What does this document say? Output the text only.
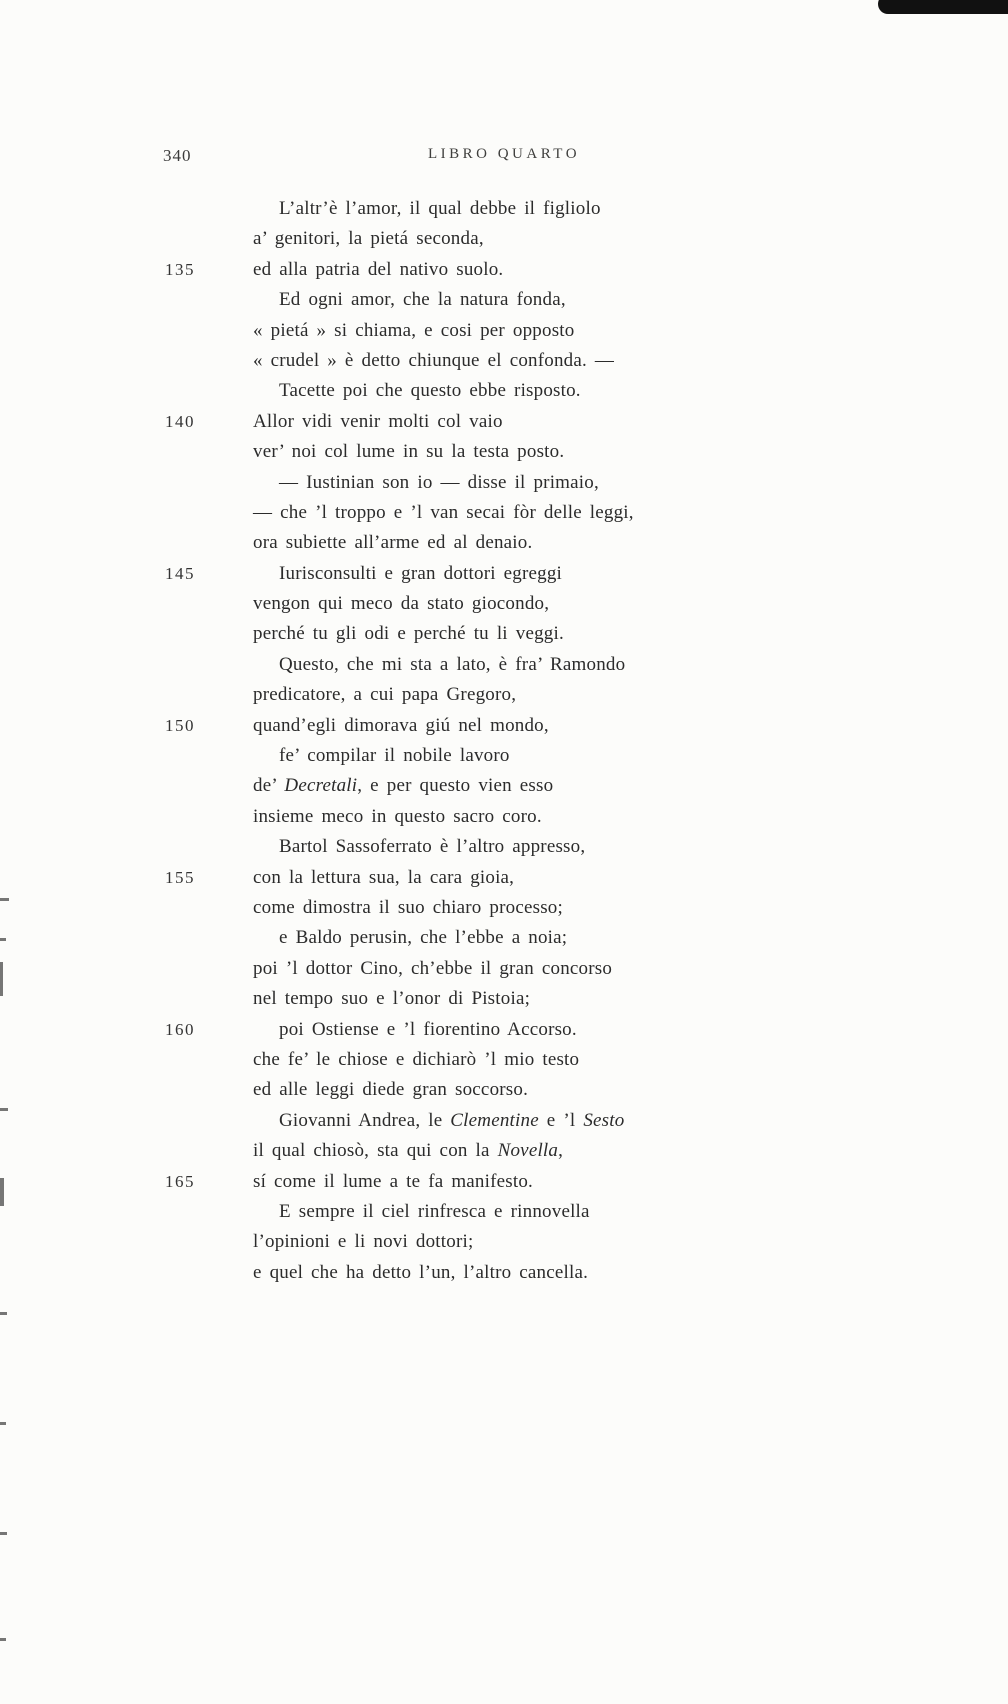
340	LIBRO QUARTO
L’altr’è l’amor, il qual debbe il figliolo
a’ genitori, la pietá seconda,
135	ed alla patria del nativo suolo.
Ed ogni amor, che la natura fonda,
« pietá » si chiama, e cosi per opposto
« crudel » è detto chiunque el confonda. —
Tacette poi che questo ebbe risposto.
140	Allor vidi venir molti col vaio
ver’ noi col lume in su la testa posto.
— Iustinian son io — disse il primaio,
— che ’l troppo e ’l van secai fòr delle leggi,
ora subiette all’arme ed al denaio.
145	Iurisconsulti e gran dottori egreggi
vengon qui meco da stato giocondo,
perché tu gli odi e perché tu li veggi.
Questo, che mi sta a lato, è fra’ Ramondo
predicatore, a cui papa Gregoro,
150	quand’egli dimorava giú nel mondo,
fe’ compilar il nobile lavoro
de’ Decretali, e per questo vien esso
insieme meco in questo sacro coro.
Bartol Sassoferrato è l’altro appresso,
155	con la lettura sua, la cara gioia,
come dimostra il suo chiaro processo;
e Baldo perusin, che l’ebbe a noia;
poi ’l dottor Cino, ch’ebbe il gran concorso
nel tempo suo e l’onor di Pistoia;
160	poi Ostiense e ’l fiorentino Accorso.
che fe’ le chiose e dichiarò ’l mio testo
ed alle leggi diede gran soccorso.
Giovanni Andrea, le Clementine e ’l Sesto
il qual chiosò, sta qui con la Novella,
165	sí come il lume a te fa manifesto.
E sempre il ciel rinfresca e rinnovella
l’opinioni e li novi dottori;
e quel che ha detto l’un, l’altro cancella.
